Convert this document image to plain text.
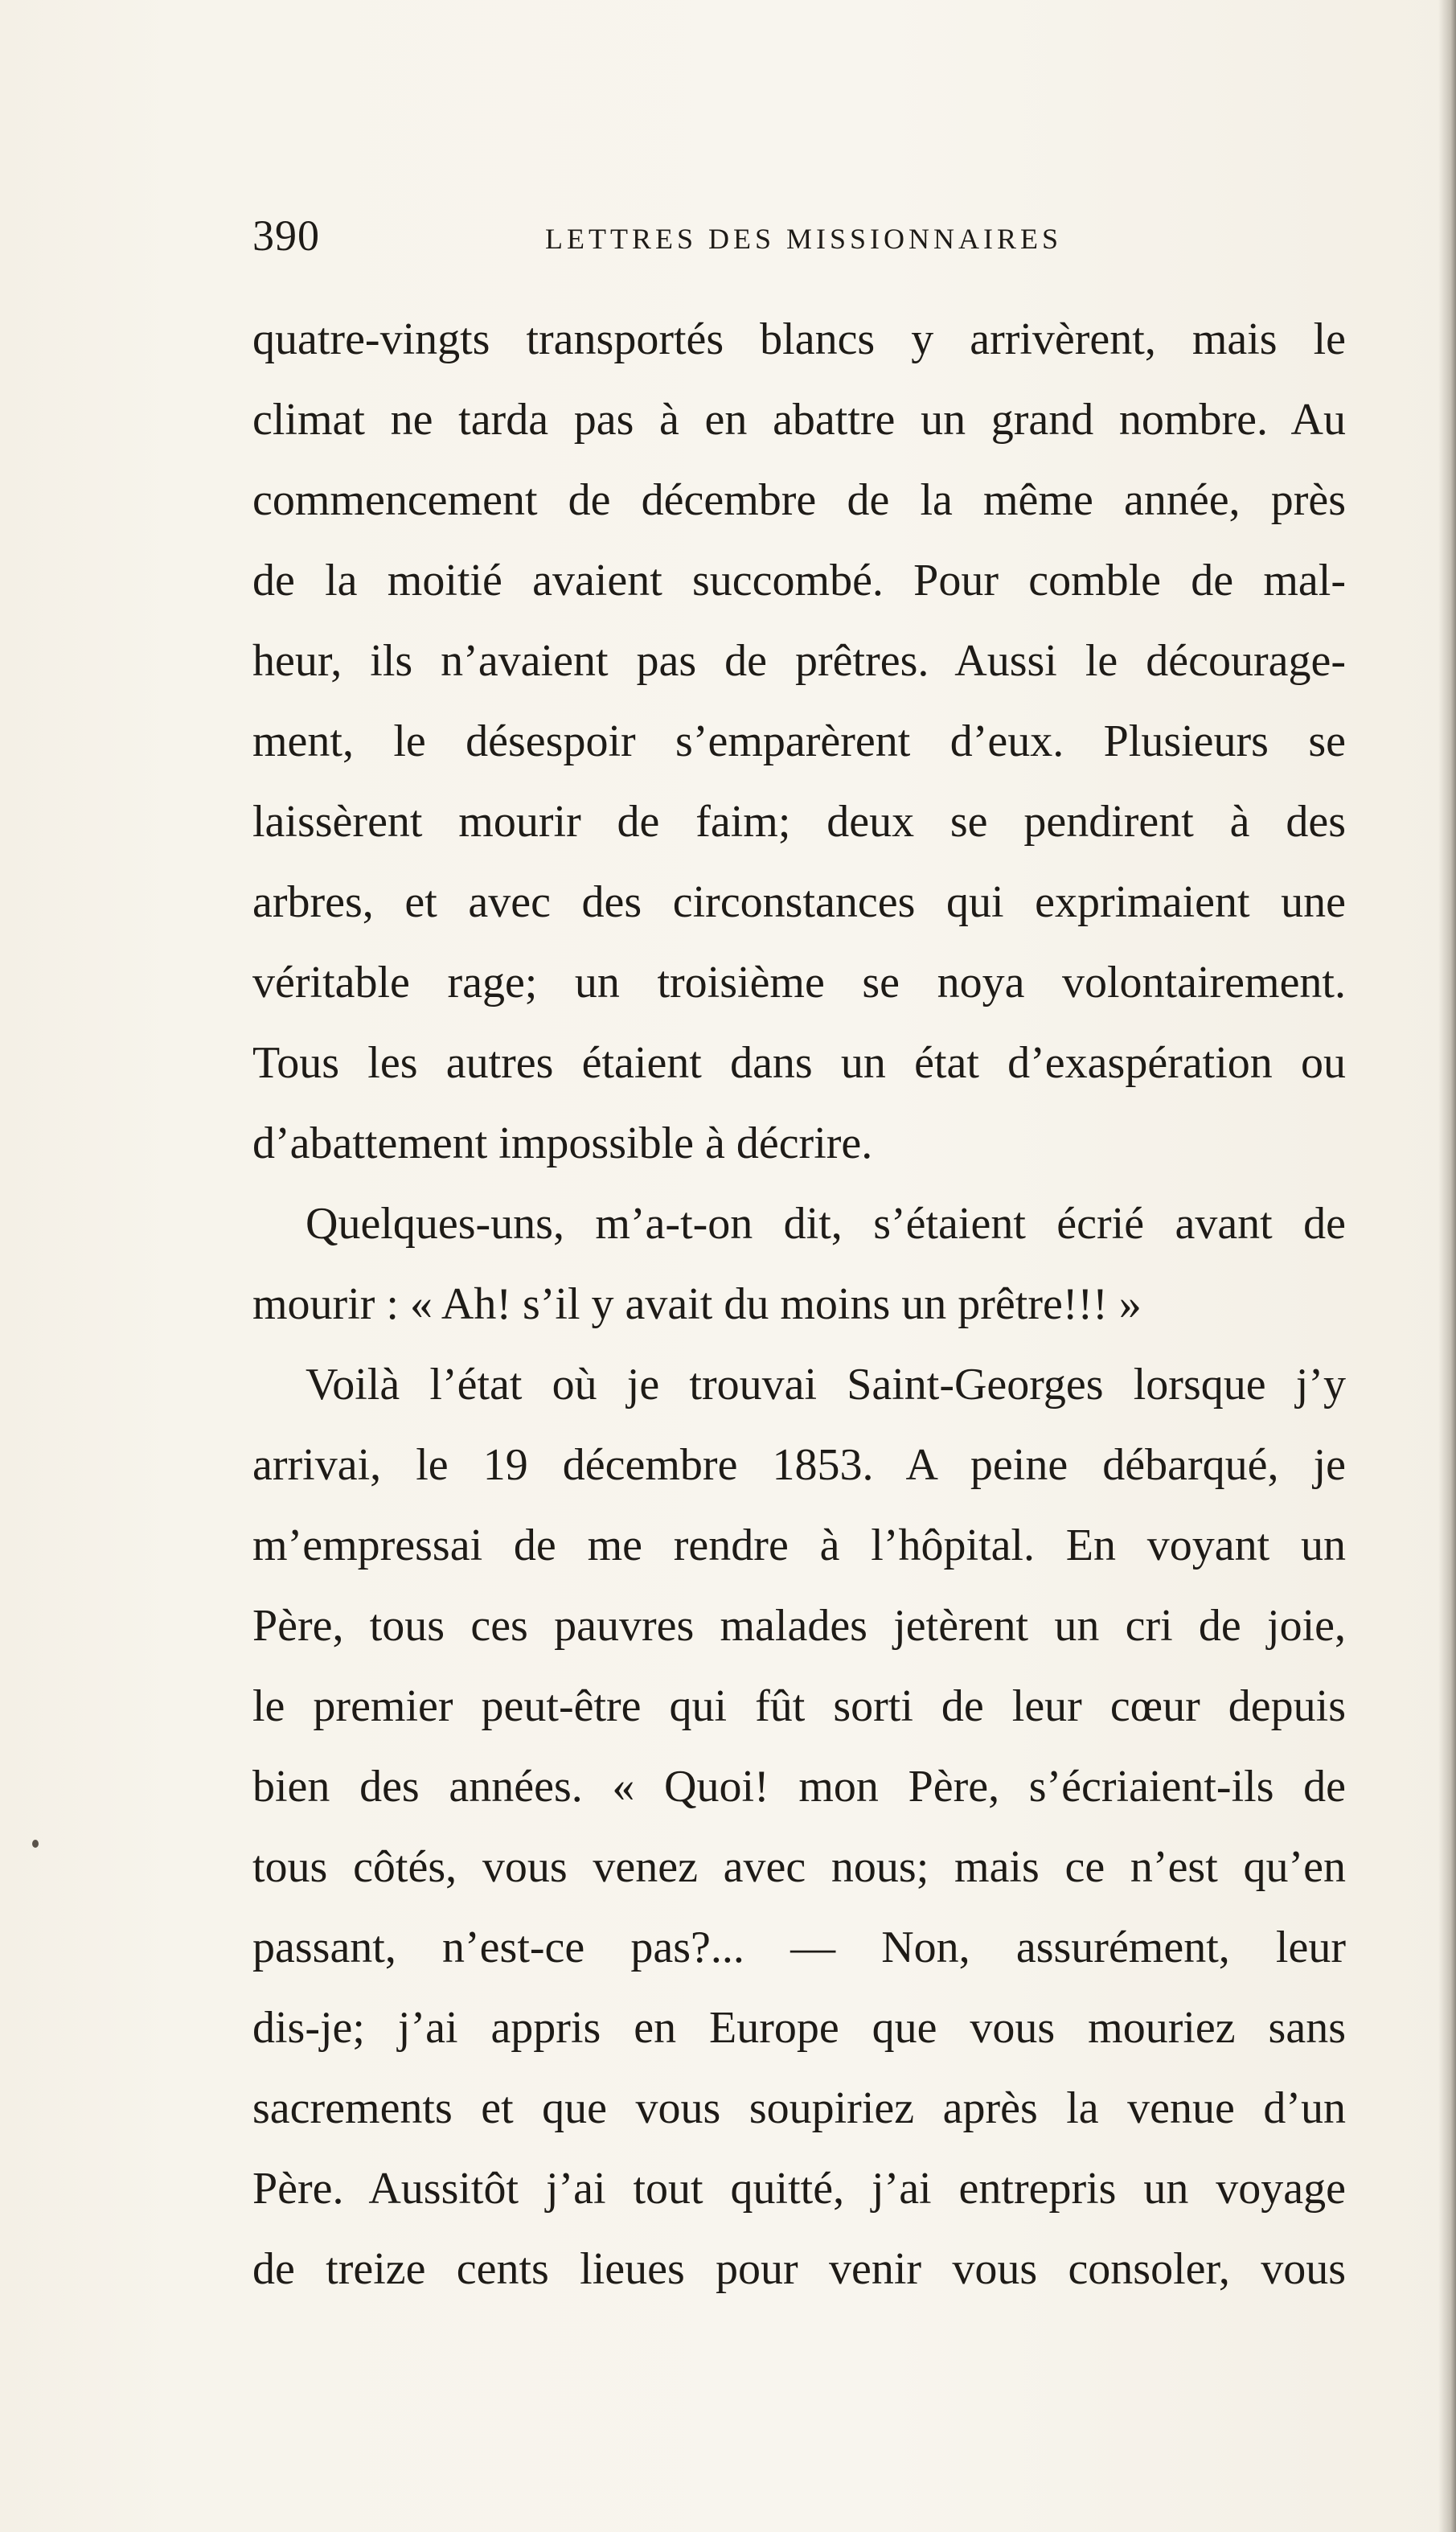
390	LETTRES DES MISSIONNAIRES
quatre-vingts transportés blancs y arrivèrent, mais le
climat ne tarda pas à en abattre un grand nombre. Au
commencement de décembre de la même année, près
de la moitié avaient succombé. Pour comble de mal-
heur, ils n’avaient pas de prêtres. Aussi le décourage-
ment, le désespoir s’emparèrent d’eux. Plusieurs se
laissèrent mourir de faim; deux se pendirent à des
arbres, et avec des circonstances qui exprimaient une
véritable rage; un troisième se noya volontairement.
Tous les autres étaient dans un état d’exaspération ou
d’abattement impossible à décrire.
Quelques-uns, m’a-t-on dit, s’étaient écrié avant de
mourir : « Ah! s’il y avait du moins un prêtre!!! »
Voilà l’état où je trouvai Saint-Georges lorsque j’y
arrivai, le 19 décembre 1853. A peine débarqué, je
m’empressai de me rendre à l’hôpital. En voyant un
Père, tous ces pauvres malades jetèrent un cri de joie,
le premier peut-être qui fût sorti de leur cœur depuis
bien des années. « Quoi! mon Père, s’écriaient-ils de
tous côtés, vous venez avec nous; mais ce n’est qu’en
passant, n’est-ce pas?... — Non, assurément, leur
dis-je; j’ai appris en Europe que vous mouriez sans
sacrements et que vous soupiriez après la venue d’un
Père. Aussitôt j’ai tout quitté, j’ai entrepris un voyage
de treize cents lieues pour venir vous consoler, vous
